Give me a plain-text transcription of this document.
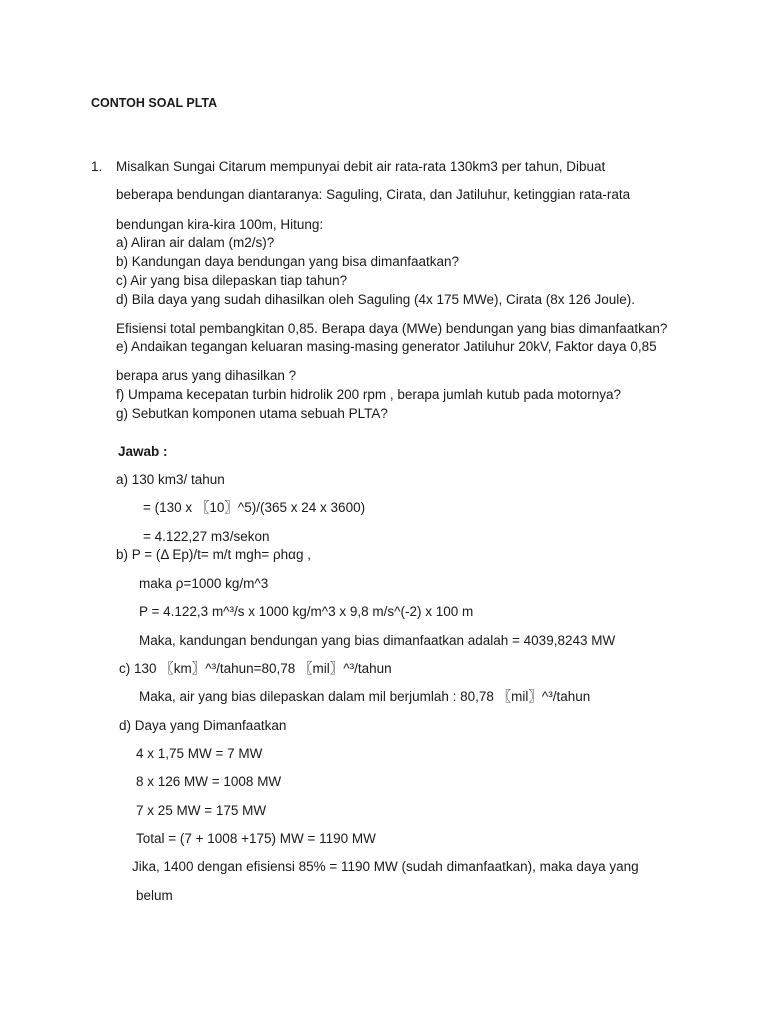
CONTOH SOAL PLTA
1. Misalkan Sungai Citarum mempunyai debit air rata-rata 130km3 per tahun, Dibuat
beberapa bendungan diantaranya: Saguling, Cirata, dan Jatiluhur, ketinggian rata-rata
bendungan kira-kira 100m, Hitung:
a) Aliran air dalam (m2/s)?
b) Kandungan daya bendungan yang bisa dimanfaatkan?
c) Air yang bisa dilepaskan tiap tahun?
d) Bila daya yang sudah dihasilkan oleh Saguling (4x 175 MWe), Cirata (8x 126 Joule).
Efisiensi total pembangkitan 0,85. Berapa daya (MWe) bendungan yang bias dimanfaatkan?
e) Andaikan tegangan keluaran masing-masing generator Jatiluhur 20kV, Faktor daya 0,85
berapa arus yang dihasilkan ?
f) Umpama kecepatan turbin hidrolik 200 rpm , berapa jumlah kutub pada motornya?
g) Sebutkan komponen utama sebuah PLTA?
Jawab :
a) 130 km3/ tahun
= (130 x 〖10〗^5)/(365 x 24 x 3600)
= 4.122,27 m3/sekon
b) P = (Δ Ep)/t= m/t mgh= ρhαg ,
maka ρ=1000 kg/m^3
P = 4.122,3 m^³/s x 1000 kg/m^3 x 9,8 m/s^(-2) x 100 m
Maka, kandungan bendungan yang bias dimanfaatkan adalah = 4039,8243 MW
c) 130 〖km〗^³/tahun=80,78 〖mil〗^³/tahun
Maka, air yang bias dilepaskan dalam mil berjumlah : 80,78 〖mil〗^³/tahun
d) Daya yang Dimanfaatkan
4 x 1,75 MW = 7 MW
8 x 126 MW = 1008 MW
7 x 25 MW = 175 MW
Total = (7 + 1008 +175) MW = 1190 MW
Jika, 1400 dengan efisiensi 85% = 1190 MW (sudah dimanfaatkan), maka daya yang
belum
